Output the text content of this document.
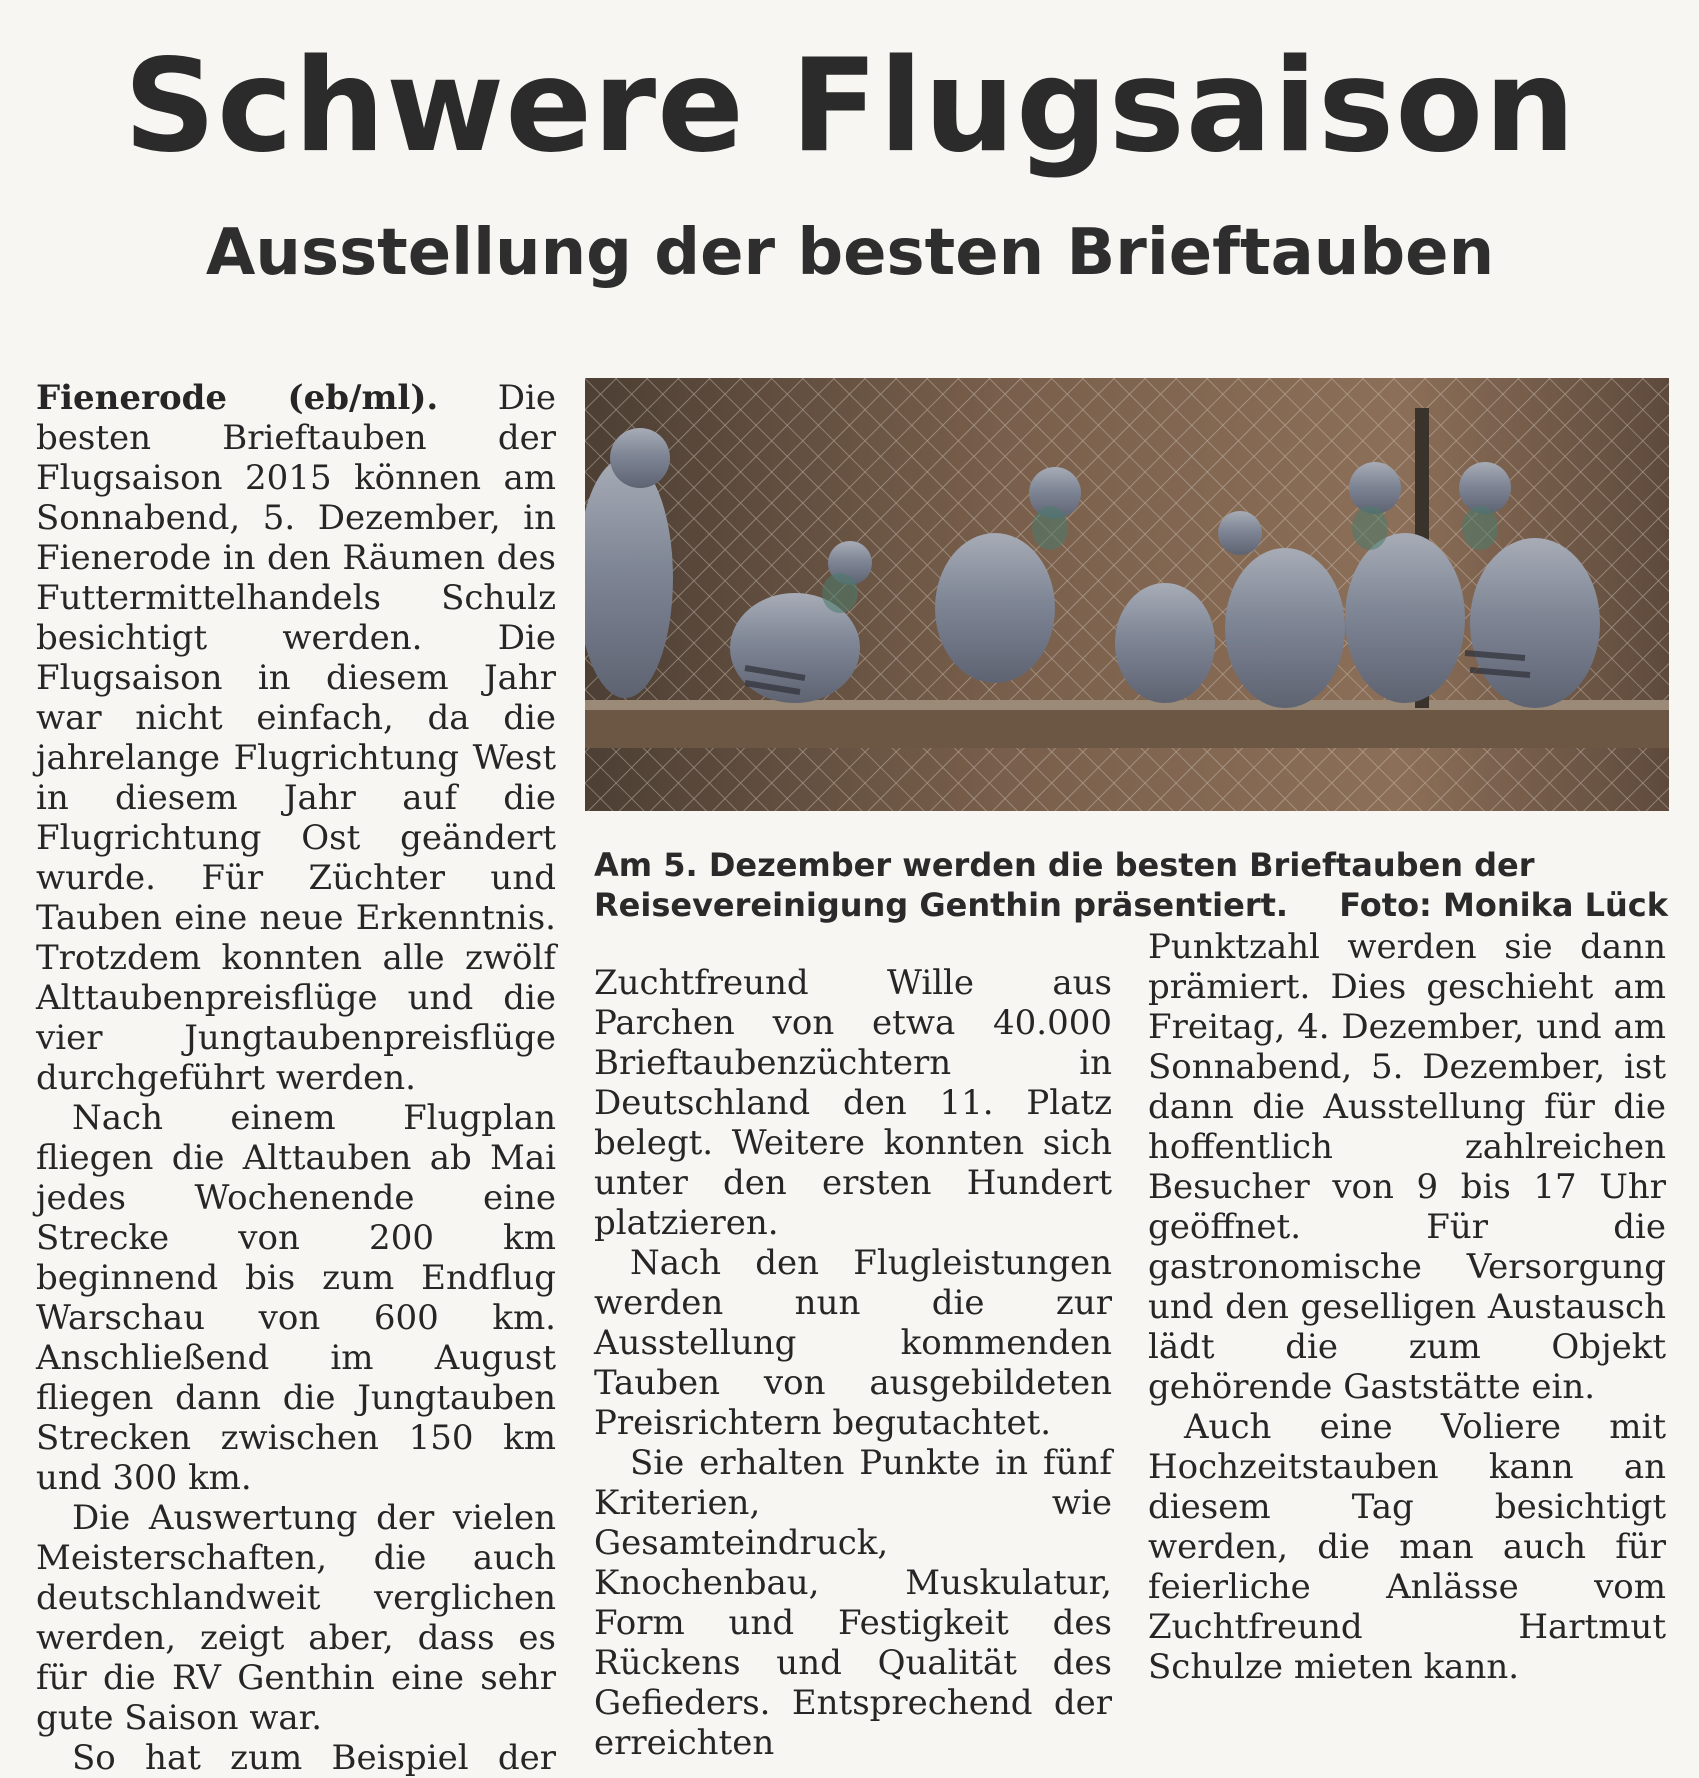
Schwere Flugsaison
Ausstellung der besten Brieftauben

Fienerode (eb/ml). Die besten Brieftauben der Flugsaison 2015 können am Sonnabend, 5. Dezember, in Fienerode in den Räumen des Futtermittelhandels Schulz besichtigt werden. Die Flugsaison in diesem Jahr war nicht einfach, da die jahrelange Flugrichtung West in diesem Jahr auf die Flugrichtung Ost geändert wurde. Für Züchter und Tauben eine neue Erkenntnis. Trotzdem konnten alle zwölf Alttaubenpreisflüge und die vier Jungtaubenpreisflüge durchgeführt werden.

Nach einem Flugplan fliegen die Alttauben ab Mai jedes Wochenende eine Strecke von 200 km beginnend bis zum Endflug Warschau von 600 km. Anschließend im August fliegen dann die Jungtauben Strecken zwischen 150 km und 300 km.

Die Auswertung der vielen Meisterschaften, die auch deutschlandweit verglichen werden, zeigt aber, dass es für die RV Genthin eine sehr gute Saison war.

So hat zum Beispiel der

Am 5. Dezember werden die besten Brieftauben der Reisevereinigung Genthin präsentiert. Foto: Monika Lück

Zuchtfreund Wille aus Parchen von etwa 40.000 Brieftaubenzüchtern in Deutschland den 11. Platz belegt. Weitere konnten sich unter den ersten Hundert platzieren.

Nach den Flugleistungen werden nun die zur Ausstellung kommenden Tauben von ausgebildeten Preisrichtern begutachtet.

Sie erhalten Punkte in fünf Kriterien, wie Gesamteindruck, Knochenbau, Muskulatur, Form und Festigkeit des Rückens und Qualität des Gefieders. Entsprechend der erreichten

Punktzahl werden sie dann prämiert. Dies geschieht am Freitag, 4. Dezember, und am Sonnabend, 5. Dezember, ist dann die Ausstellung für die hoffentlich zahlreichen Besucher von 9 bis 17 Uhr geöffnet. Für die gastronomische Versorgung und den geselligen Austausch lädt die zum Objekt gehörende Gaststätte ein.

Auch eine Voliere mit Hochzeitstauben kann an diesem Tag besichtigt werden, die man auch für feierliche Anlässe vom Zuchtfreund Hartmut Schulze mieten kann.
